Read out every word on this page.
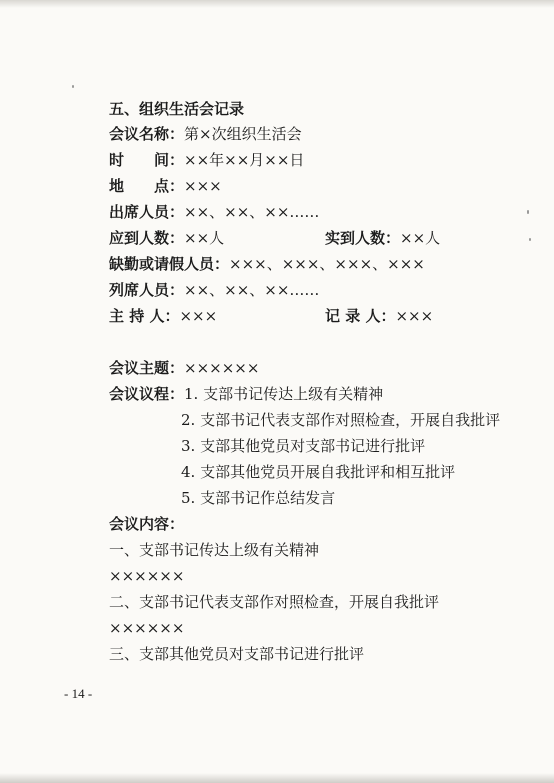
五、组织生活会记录
会议名称：第×次组织生活会
时　　间：××年××月××日
地　　点：×××
出席人员：××、××、××……
应到人数：××人	实到人数：××人
缺勤或请假人员：×××、×××、×××、×××
列席人员：××、××、××……
主 持 人：×××	记 录 人：×××
会议主题：××××××
会议议程：1. 支部书记传达上级有关精神
2. 支部书记代表支部作对照检查，开展自我批评
3. 支部其他党员对支部书记进行批评
4. 支部其他党员开展自我批评和相互批评
5. 支部书记作总结发言
会议内容：
一、支部书记传达上级有关精神
××××××
二、支部书记代表支部作对照检查，开展自我批评
××××××
三、支部其他党员对支部书记进行批评
- 14 -
